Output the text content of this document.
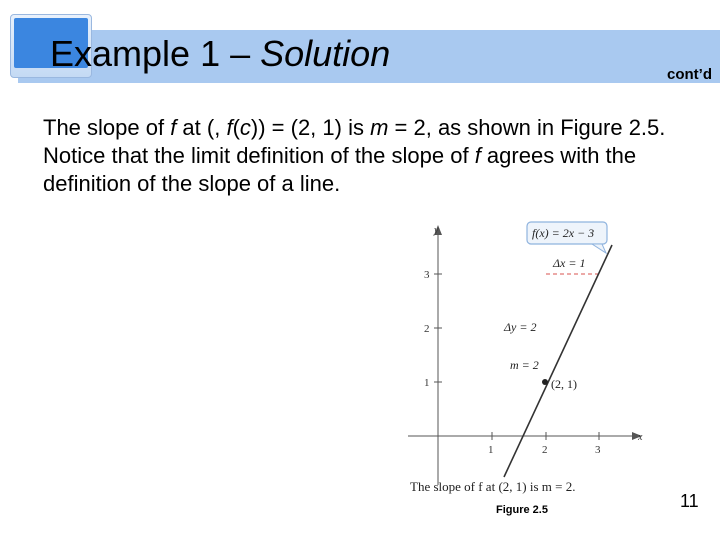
Example 1 – Solution
cont’d
The slope of f at (, f(c)) = (2, 1) is m = 2, as shown in Figure 2.5. Notice that the limit definition of the slope of f agrees with the definition of the slope of a line.
y
x
1
2
3
1	2	3
(2, 1)
Δx = 1
Δy = 2
m = 2
f(x) = 2x − 3
The slope of f at (2, 1) is m = 2.
Figure 2.5	11
